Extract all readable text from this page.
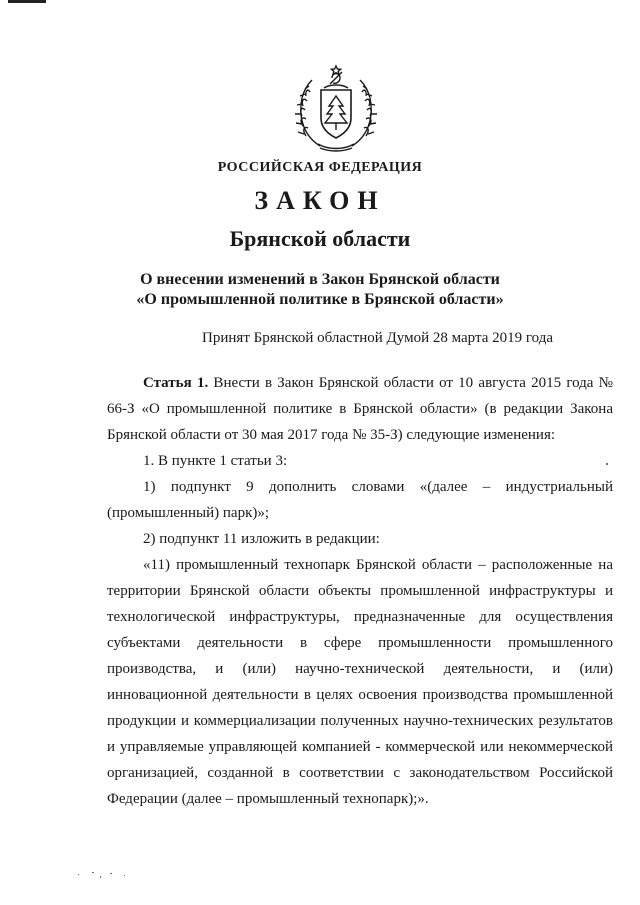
РОССИЙСКАЯ ФЕДЕРАЦИЯ
ЗАКОН
Брянской области
О внесении изменений в Закон Брянской области
«О промышленной политике в Брянской области»
Принят Брянской областной Думой 28 марта 2019 года

Статья 1. Внести в Закон Брянской области от 10 августа 2015 года № 66-З «О промышленной политике в Брянской области» (в редакции Закона Брянской области от 30 мая 2017 года № 35-З) следующие изменения:

1. В пункте 1 статьи 3:

1) подпункт 9 дополнить словами «(далее – индустриальный (промышленный) парк)»;

2) подпункт 11 изложить в редакции:

«11) промышленный технопарк Брянской области – расположенные на территории Брянской области объекты промышленной инфраструктуры и технологической инфраструктуры, предназначенные для осуществления субъектами деятельности в сфере промышленности промышленного производства, и (или) научно-технической деятельности, и (или) инновационной деятельности в целях освоения производства промышленной продукции и коммерциализации полученных научно-технических результатов и управляемые управляющей компанией - коммерческой или некоммерческой организацией, созданной в соответствии с законодательством Российской Федерации (далее – промышленный технопарк);».
